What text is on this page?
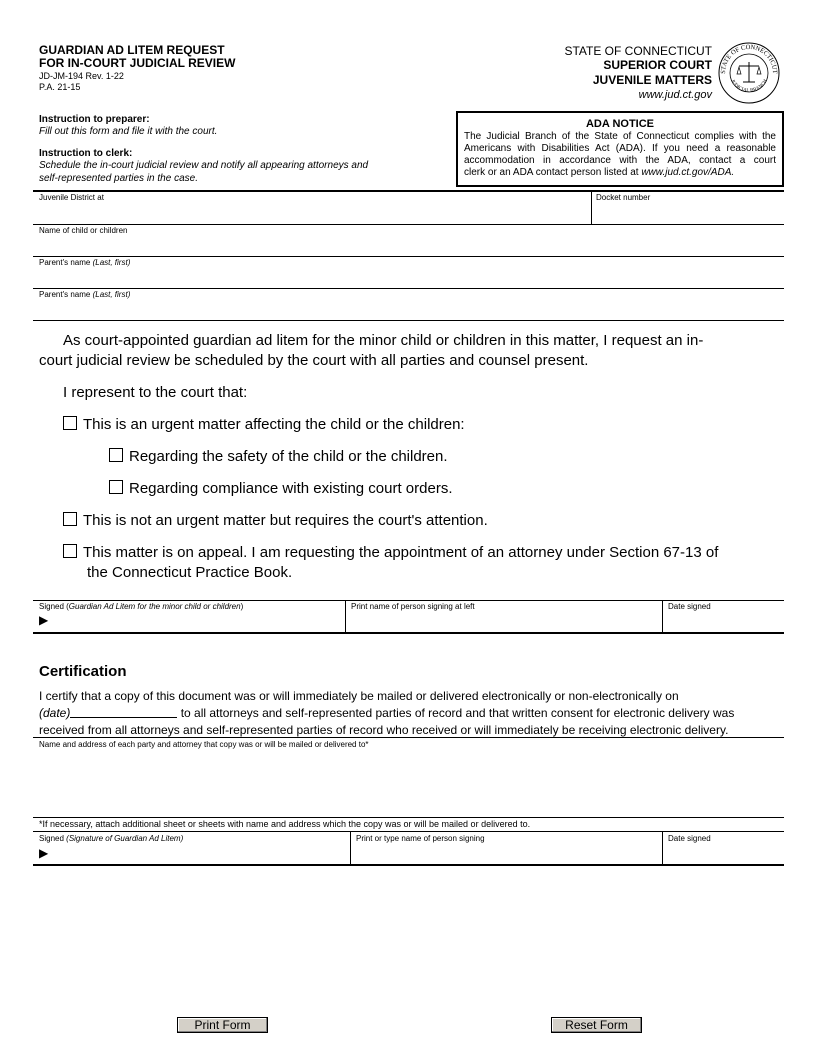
GUARDIAN AD LITEM REQUEST
FOR IN-COURT JUDICIAL REVIEW
JD-JM-194 Rev. 1-22
P.A. 21-15
STATE OF CONNECTICUT
SUPERIOR COURT
JUVENILE MATTERS
www.jud.ct.gov
STATE OF CONNECTICUT
JUDICIAL BRANCH
Instruction to preparer:
Fill out this form and file it with the court.
Instruction to clerk:
Schedule the in-court judicial review and notify all appearing attorneys and
self-represented parties in the case.
ADA NOTICE
The Judicial Branch of the State of Connecticut complies with the
Americans with Disabilities Act (ADA). If you need a reasonable
accommodation in accordance with the ADA, contact a court
clerk or an ADA contact person listed at www.jud.ct.gov/ADA.
Juvenile District at	Docket number
Name of child or children
Parent's name (Last, first)
Parent's name (Last, first)
As court-appointed guardian ad litem for the minor child or children in this matter, I request an in-
court judicial review be scheduled by the court with all parties and counsel present.
I represent to the court that:
This is an urgent matter affecting the child or the children:
Regarding the safety of the child or the children.
Regarding compliance with existing court orders.
This is not an urgent matter but requires the court's attention.
This matter is on appeal. I am requesting the appointment of an attorney under Section 67-13 of
the Connecticut Practice Book.
Signed (Guardian Ad Litem for the minor child or children)
▶
Print name of person signing at left	Date signed
Certification
I certify that a copy of this document was or will immediately be mailed or delivered electronically or non-electronically on
(date)	to all attorneys and self-represented parties of record and that written consent for electronic delivery was
received from all attorneys and self-represented parties of record who received or will immediately be receiving electronic delivery.
Name and address of each party and attorney that copy was or will be mailed or delivered to*
*If necessary, attach additional sheet or sheets with name and address which the copy was or will be mailed or delivered to.
Signed (Signature of Guardian Ad Litem)
▶
Print or type name of person signing	Date signed
Print Form	Reset Form
